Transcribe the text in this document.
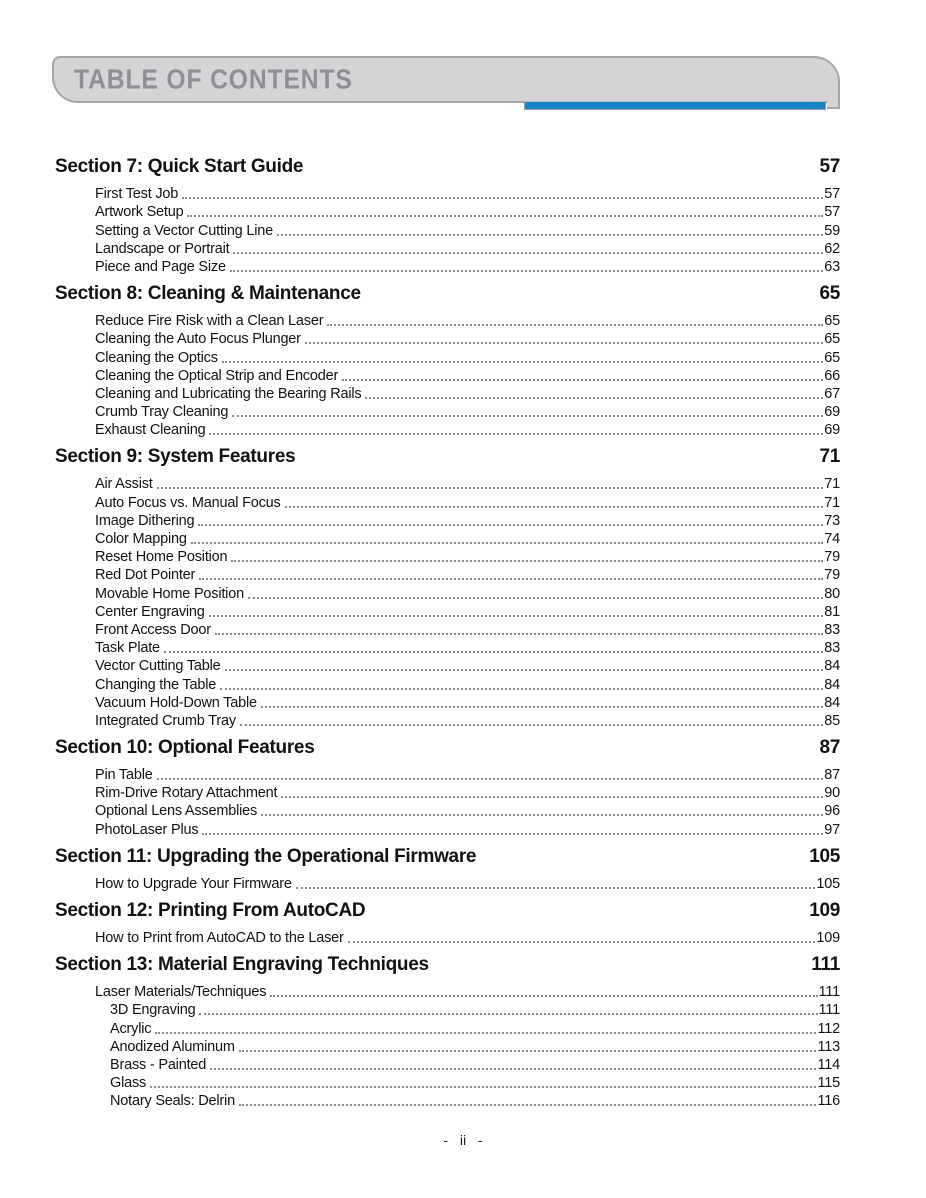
TABLE OF CONTENTS
Section 7: Quick Start Guide	57
First Test Job	57
Artwork Setup	57
Setting a Vector Cutting Line	59
Landscape or Portrait	62
Piece and Page Size	63
Section 8: Cleaning & Maintenance	65
Reduce Fire Risk with a Clean Laser	65
Cleaning the Auto Focus Plunger	65
Cleaning the Optics	65
Cleaning the Optical Strip and Encoder	66
Cleaning and Lubricating the Bearing Rails	67
Crumb Tray Cleaning	69
Exhaust Cleaning	69
Section 9: System Features	71
Air Assist	71
Auto Focus vs. Manual Focus	71
Image Dithering	73
Color Mapping	74
Reset Home Position	79
Red Dot Pointer	79
Movable Home Position	80
Center Engraving	81
Front Access Door	83
Task Plate	83
Vector Cutting Table	84
Changing the Table	84
Vacuum Hold-Down Table	84
Integrated Crumb Tray	85
Section 10: Optional Features	87
Pin Table	87
Rim-Drive Rotary Attachment	90
Optional Lens Assemblies	96
PhotoLaser Plus	97
Section 11: Upgrading the Operational Firmware	105
How to Upgrade Your Firmware	105
Section 12: Printing From AutoCAD	109
How to Print from AutoCAD to the Laser	109
Section 13: Material Engraving Techniques	111
Laser Materials/Techniques	111
3D Engraving	111
Acrylic	112
Anodized Aluminum	113
Brass - Painted	114
Glass	115
Notary Seals: Delrin	116
- ii -
